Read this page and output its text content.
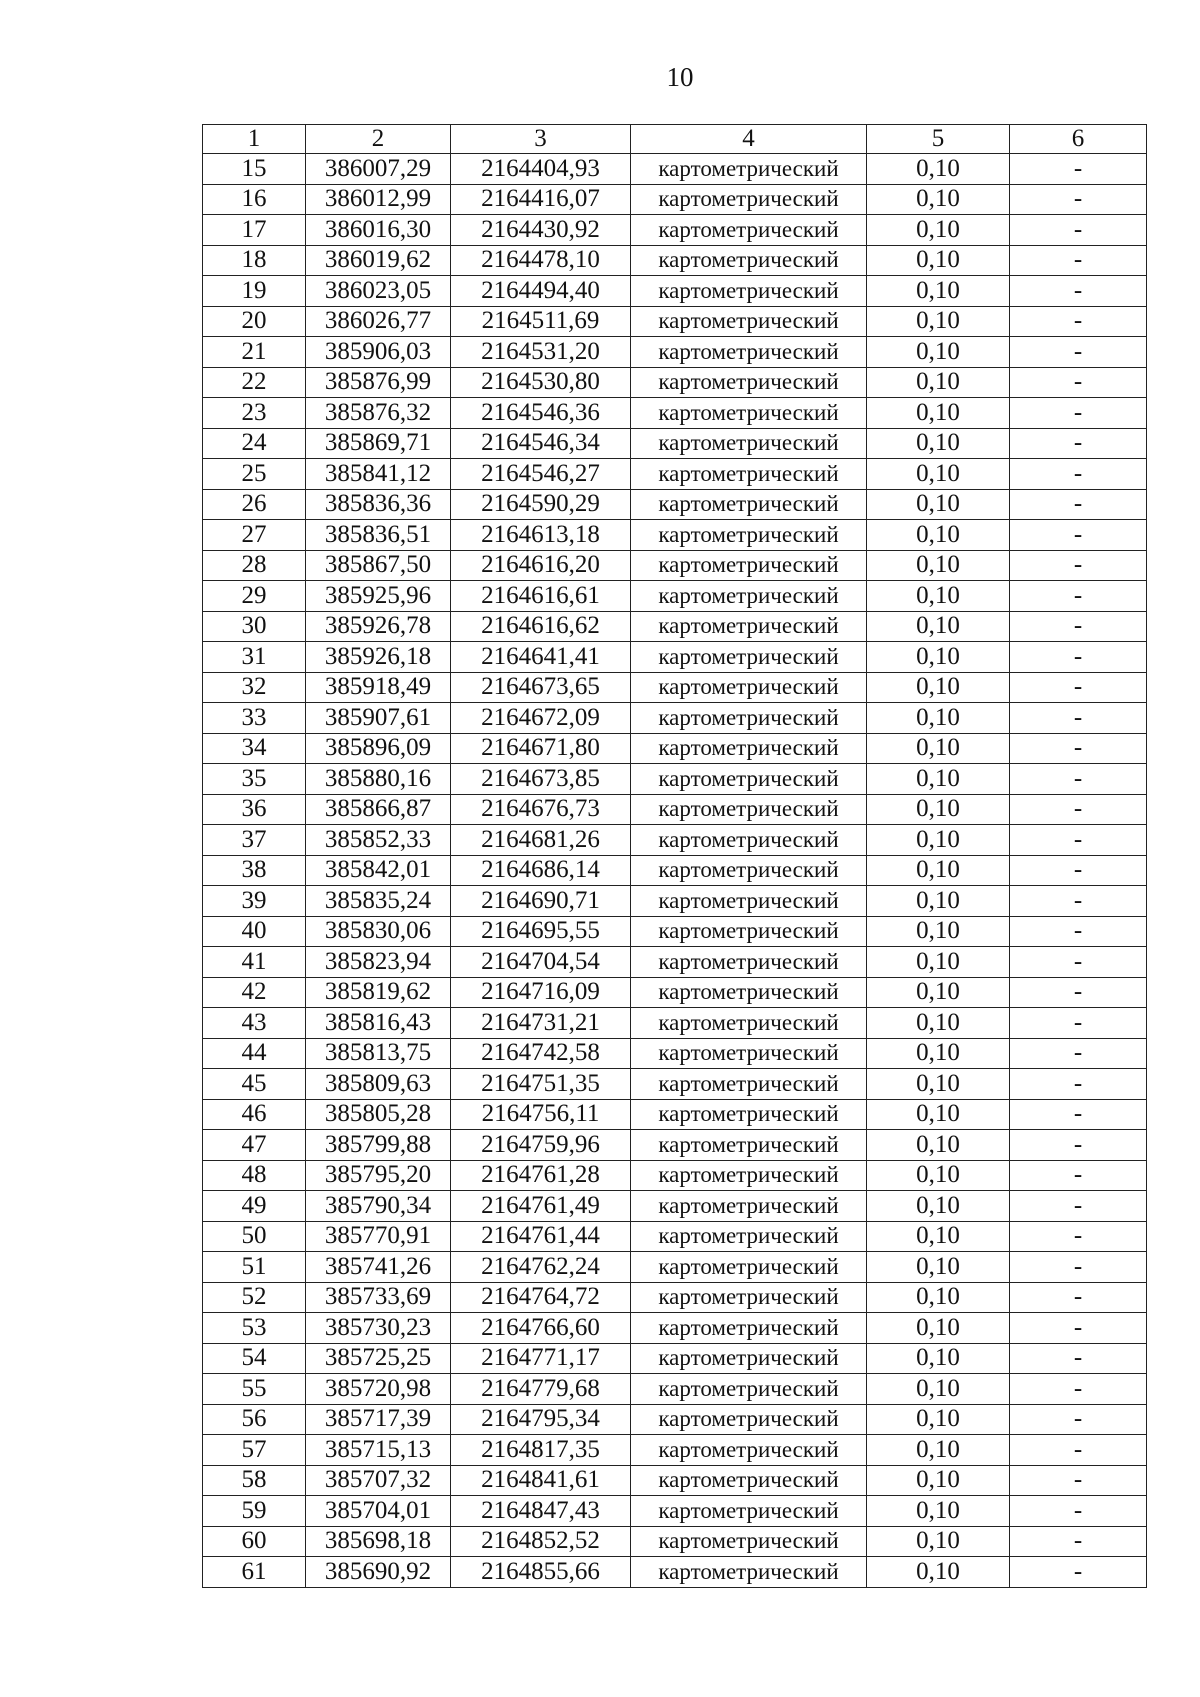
10
1	2	3	4	5	6
15	386007,29	2164404,93	картометрический	0,10	-
16	386012,99	2164416,07	картометрический	0,10	-
17	386016,30	2164430,92	картометрический	0,10	-
18	386019,62	2164478,10	картометрический	0,10	-
19	386023,05	2164494,40	картометрический	0,10	-
20	386026,77	2164511,69	картометрический	0,10	-
21	385906,03	2164531,20	картометрический	0,10	-
22	385876,99	2164530,80	картометрический	0,10	-
23	385876,32	2164546,36	картометрический	0,10	-
24	385869,71	2164546,34	картометрический	0,10	-
25	385841,12	2164546,27	картометрический	0,10	-
26	385836,36	2164590,29	картометрический	0,10	-
27	385836,51	2164613,18	картометрический	0,10	-
28	385867,50	2164616,20	картометрический	0,10	-
29	385925,96	2164616,61	картометрический	0,10	-
30	385926,78	2164616,62	картометрический	0,10	-
31	385926,18	2164641,41	картометрический	0,10	-
32	385918,49	2164673,65	картометрический	0,10	-
33	385907,61	2164672,09	картометрический	0,10	-
34	385896,09	2164671,80	картометрический	0,10	-
35	385880,16	2164673,85	картометрический	0,10	-
36	385866,87	2164676,73	картометрический	0,10	-
37	385852,33	2164681,26	картометрический	0,10	-
38	385842,01	2164686,14	картометрический	0,10	-
39	385835,24	2164690,71	картометрический	0,10	-
40	385830,06	2164695,55	картометрический	0,10	-
41	385823,94	2164704,54	картометрический	0,10	-
42	385819,62	2164716,09	картометрический	0,10	-
43	385816,43	2164731,21	картометрический	0,10	-
44	385813,75	2164742,58	картометрический	0,10	-
45	385809,63	2164751,35	картометрический	0,10	-
46	385805,28	2164756,11	картометрический	0,10	-
47	385799,88	2164759,96	картометрический	0,10	-
48	385795,20	2164761,28	картометрический	0,10	-
49	385790,34	2164761,49	картометрический	0,10	-
50	385770,91	2164761,44	картометрический	0,10	-
51	385741,26	2164762,24	картометрический	0,10	-
52	385733,69	2164764,72	картометрический	0,10	-
53	385730,23	2164766,60	картометрический	0,10	-
54	385725,25	2164771,17	картометрический	0,10	-
55	385720,98	2164779,68	картометрический	0,10	-
56	385717,39	2164795,34	картометрический	0,10	-
57	385715,13	2164817,35	картометрический	0,10	-
58	385707,32	2164841,61	картометрический	0,10	-
59	385704,01	2164847,43	картометрический	0,10	-
60	385698,18	2164852,52	картометрический	0,10	-
61	385690,92	2164855,66	картометрический	0,10	-
